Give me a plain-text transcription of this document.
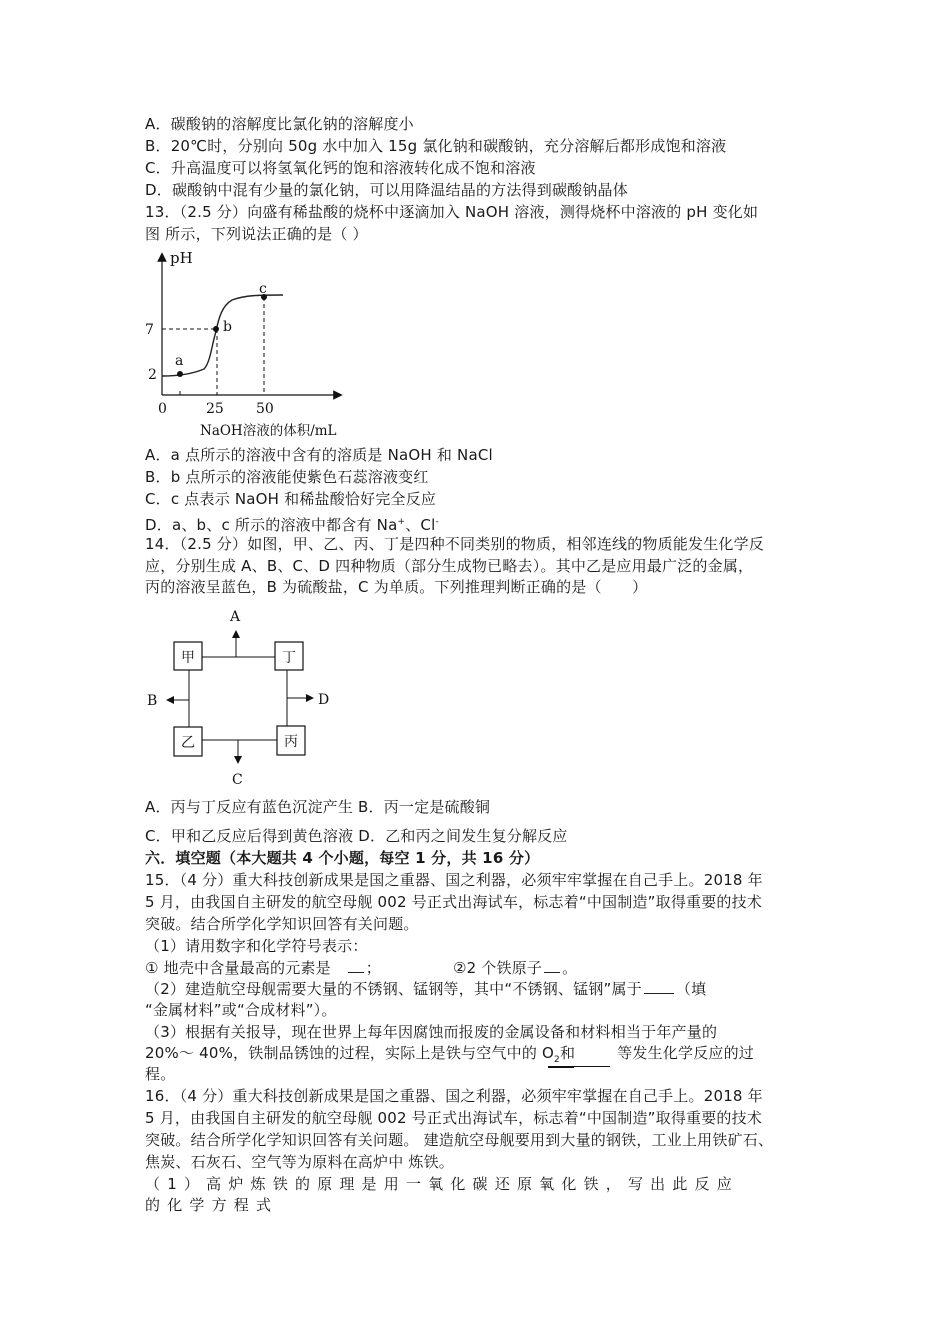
A．碳酸钠的溶解度比氯化钠的溶解度小
B．20℃时，分别向 50g 水中加入 15g 氯化钠和碳酸钠，充分溶解后都形成饱和溶液
C．升高温度可以将氢氧化钙的饱和溶液转化成不饱和溶液
D．碳酸钠中混有少量的氯化钠，可以用降温结晶的方法得到碳酸钠晶体
13．（2.5 分）向盛有稀盐酸的烧杯中逐滴加入 NaOH 溶液，测得烧杯中溶液的 pH 变化如
图 所示，下列说法正确的是（ ）
pH
7
2
0	25 50
NaOH溶液的体积/mL
a
b
c
A．a 点所示的溶液中含有的溶质是 NaOH 和 NaCl
B．b 点所示的溶液能使紫色石蕊溶液变红
C．c 点表示 NaOH 和稀盐酸恰好完全反应
D．a、b、c 所示的溶液中都含有 Na+、Cl-
14．（2.5 分）如图，甲、乙、丙、丁是四种不同类别的物质，相邻连线的物质能发生化学反
应，分别生成 A、B、C、D 四种物质（部分生成物已略去）。其中乙是应用最广泛的金属，
丙的溶液呈蓝色，B 为硫酸盐，C 为单质。下列推理判断正确的是（　　）
A
B
C
D
甲	丁
乙	丙
A．丙与丁反应有蓝色沉淀产生 B．丙一定是硫酸铜
C．甲和乙反应后得到黄色溶液 D．乙和丙之间发生复分解反应
六．填空题（本大题共 4 个小题，每空 1 分，共 16 分）
15．（4 分）重大科技创新成果是国之重器、国之利器，必须牢牢掌握在自己手上。2018 年
5 月，由我国自主研发的航空母舰 002 号正式出海试车，标志着“中国制造”取得重要的技术
突破。结合所学化学知识回答有关问题。
（1）请用数字和化学符号表示：
① 地壳中含量最高的元素是 ；	②2 个铁原子 。
（2）建造航空母舰需要大量的不锈钢、锰钢等，其中“不锈钢、锰钢”属于 （填
“金属材料”或“合成材料”）。
（3）根据有关报导，现在世界上每年因腐蚀而报废的金属设备和材料相当于年产量的
20%～ 40%，铁制品锈蚀的过程，实际上是铁与空气中的 $O_2$和	等发生化学反应的过
程。
16．（4 分）重大科技创新成果是国之重器、国之利器，必须牢牢掌握在自己手上。2018 年
5 月，由我国自主研发的航空母舰 002 号正式出海试车，标志着“中国制造”取得重要的技术
突破。结合所学化学知识回答有关问题。 建造航空母舰要用到大量的钢铁，工业上用铁矿石、
焦炭、石灰石、空气等为原料在高炉中 炼铁。
（1）高炉炼铁的原理是用一氧化碳还原氧化铁，写出此反应
的化学方程式
